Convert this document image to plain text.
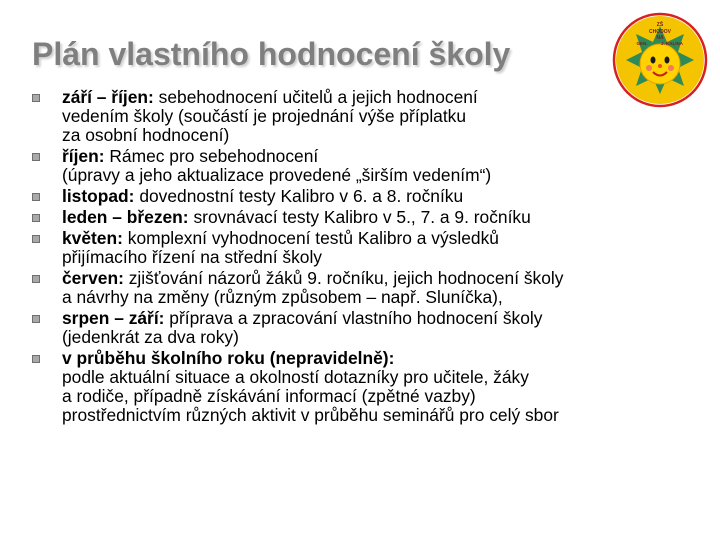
Plán vlastního hodnocení školy
ZŠ
CHODOV
NA
GEN.	J. KALINA
září – říjen: sebehodnocení učitelů a jejich hodnocení
vedením školy (součástí je projednání výše příplatku
za osobní hodnocení)
říjen: Rámec pro sebehodnocení
(úpravy a jeho aktualizace provedené „širším vedením“)
listopad: dovednostní testy Kalibro v 6. a 8. ročníku
leden – březen: srovnávací testy Kalibro v 5., 7. a 9. ročníku
květen: komplexní vyhodnocení testů Kalibro a výsledků
přijímacího řízení na střední školy
červen: zjišťování názorů žáků 9. ročníku, jejich hodnocení školy
a návrhy na změny (různým způsobem – např. Sluníčka),
srpen – září: příprava a zpracování vlastního hodnocení školy
(jedenkrát za dva roky)
v průběhu školního roku (nepravidelně):
podle aktuální situace a okolností dotazníky pro učitele, žáky
a rodiče, případně získávání informací (zpětné vazby)
prostřednictvím různých aktivit v průběhu seminářů pro celý sbor
